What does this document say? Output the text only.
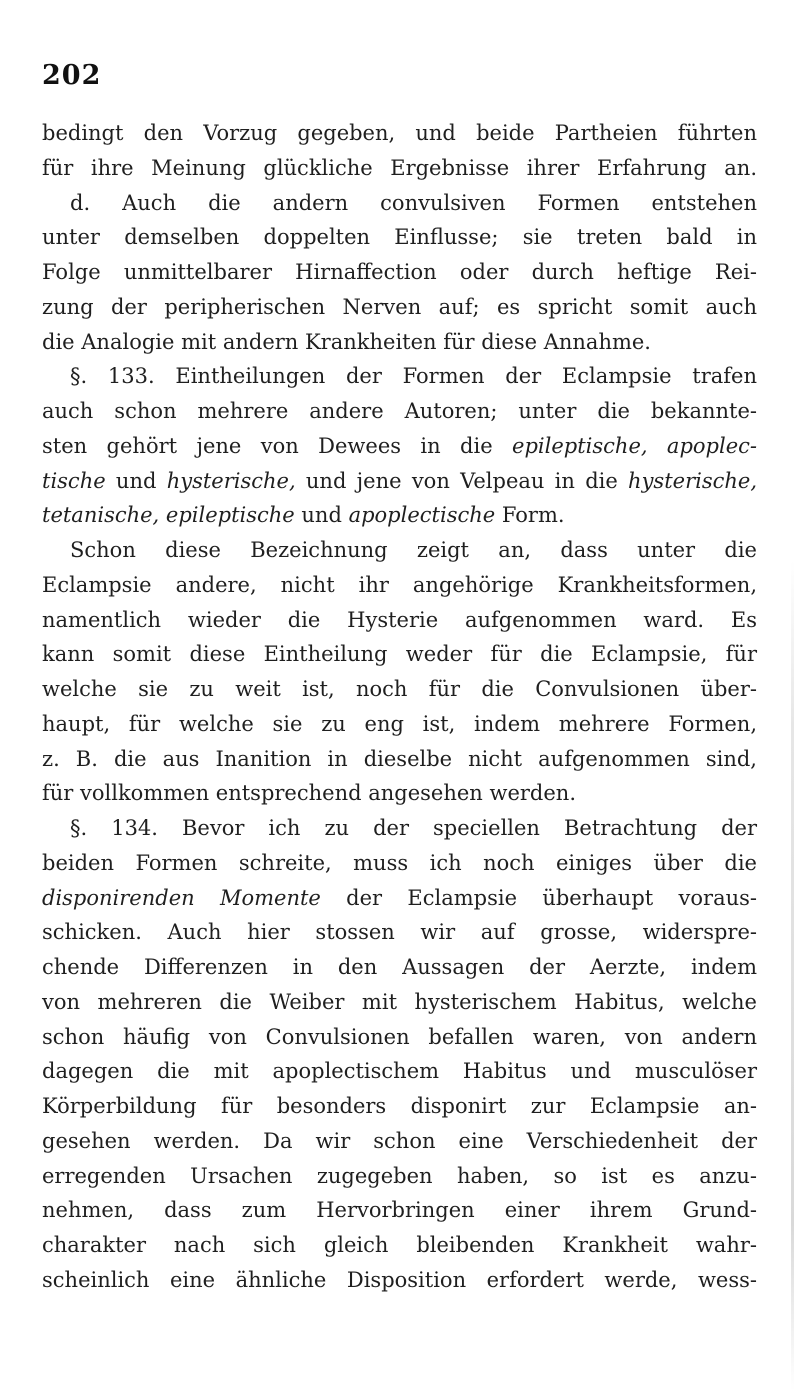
202
bedingt den Vorzug gegeben, und beide Partheien führten
für ihre Meinung glückliche Ergebnisse ihrer Erfahrung an.
d. Auch die andern convulsiven Formen entstehen
unter demselben doppelten Einflusse; sie treten bald in
Folge unmittelbarer Hirnaffection oder durch heftige Rei-
zung der peripherischen Nerven auf; es spricht somit auch
die Analogie mit andern Krankheiten für diese Annahme.
§. 133. Eintheilungen der Formen der Eclampsie trafen
auch schon mehrere andere Autoren; unter die bekannte-
sten gehört jene von Dewees in die epileptische, apoplec-
tische und hysterische, und jene von Velpeau in die hysterische,
tetanische, epileptische und apoplectische Form.
Schon diese Bezeichnung zeigt an, dass unter die
Eclampsie andere, nicht ihr angehörige Krankheitsformen,
namentlich wieder die Hysterie aufgenommen ward. Es
kann somit diese Eintheilung weder für die Eclampsie, für
welche sie zu weit ist, noch für die Convulsionen über-
haupt, für welche sie zu eng ist, indem mehrere Formen,
z. B. die aus Inanition in dieselbe nicht aufgenommen sind,
für vollkommen entsprechend angesehen werden.
§. 134. Bevor ich zu der speciellen Betrachtung der
beiden Formen schreite, muss ich noch einiges über die
disponirenden Momente der Eclampsie überhaupt voraus-
schicken. Auch hier stossen wir auf grosse, widerspre-
chende Differenzen in den Aussagen der Aerzte, indem
von mehreren die Weiber mit hysterischem Habitus, welche
schon häufig von Convulsionen befallen waren, von andern
dagegen die mit apoplectischem Habitus und musculöser
Körperbildung für besonders disponirt zur Eclampsie an-
gesehen werden. Da wir schon eine Verschiedenheit der
erregenden Ursachen zugegeben haben, so ist es anzu-
nehmen, dass zum Hervorbringen einer ihrem Grund-
charakter nach sich gleich bleibenden Krankheit wahr-
scheinlich eine ähnliche Disposition erfordert werde, wess-
